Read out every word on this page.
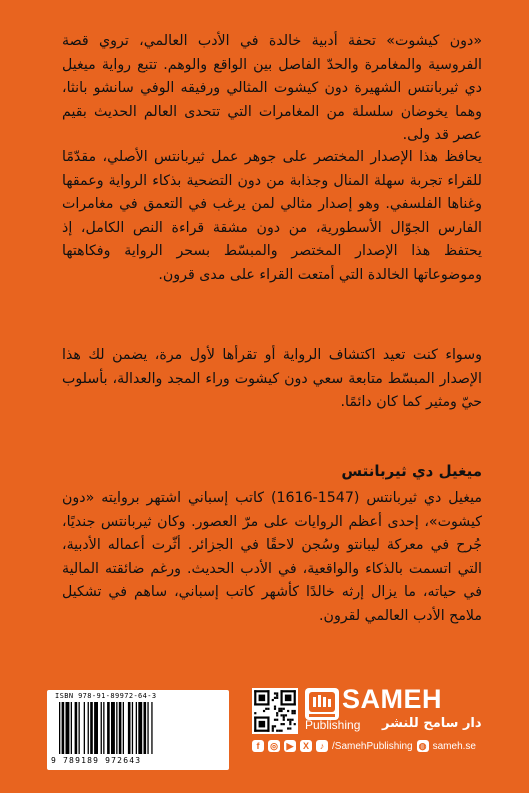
«دون كيشوت» تحفة أدبية خالدة في الأدب العالمي، تروي قصة الفروسية والمغامرة والحدّ الفاصل بين الواقع والوهم. تتبع رواية ميغيل دي ثيربانتس الشهيرة دون كيشوت المثالي ورفيقه الوفي سانشو بانثا، وهما يخوضان سلسلة من المغامرات التي تتحدى العالم الحديث بقيم عصر قد ولى.

يحافظ هذا الإصدار المختصر على جوهر عمل ثيربانتس الأصلي، مقدّمًا للقراء تجربة سهلة المنال وجذابة من دون التضحية بذكاء الرواية وعمقها وغناها الفلسفي. وهو إصدار مثالي لمن يرغب في التعمق في مغامرات الفارس الجوّال الأسطورية، من دون مشقة قراءة النص الكامل، إذ يحتفظ هذا الإصدار المختصر والمبسّط بسحر الرواية وفكاهتها وموضوعاتها الخالدة التي أمتعت القراء على مدى قرون.

وسواء كنت تعيد اكتشاف الرواية أو تقرأها لأول مرة، يضمن لك هذا الإصدار المبسّط متابعة سعي دون كيشوت وراء المجد والعدالة، بأسلوب حيّ ومثير كما كان دائمًا.

ميغيل دي ثيربانتس

ميغيل دي ثيربانتس (1547-1616) كاتب إسباني اشتهر بروايته «دون كيشوت»، إحدى أعظم الروايات على مرّ العصور. وكان ثيربانتس جنديًا، جُرح في معركة ليبانتو وسُجن لاحقًا في الجزائر. أثّرت أعماله الأدبية، التي اتسمت بالذكاء والواقعية، في الأدب الحديث. ورغم ضائقته المالية في حياته، ما يزال إرثه خالدًا كأشهر كاتب إسباني، ساهم في تشكيل ملامح الأدب العالمي لقرون.

ISBN 978-91-89972-64-3
9 789189 972643
SAMEH
Publishing دار سامح للنشر
f	◎ ▶	X	♪ /SamehPublishing ◍ sameh.se
